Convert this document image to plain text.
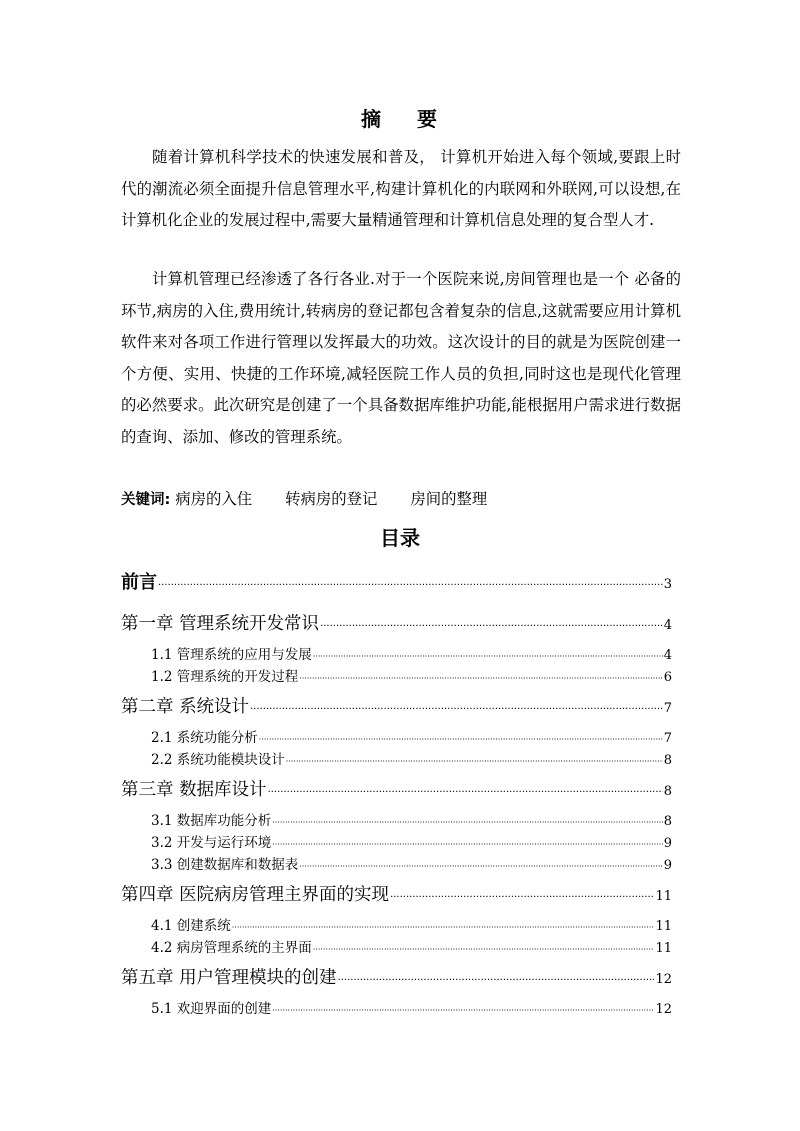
摘 要

随着计算机科学技术的快速发展和普及， 计算机开始进入每个领域,要跟上时代的潮流必须全面提升信息管理水平,构建计算机化的内联网和外联网,可以设想,在计算机化企业的发展过程中,需要大量精通管理和计算机信息处理的复合型人才.

计算机管理已经渗透了各行各业.对于一个医院来说,房间管理也是一个 必备的环节,病房的入住,费用统计,转病房的登记都包含着复杂的信息,这就需要应用计算机软件来对各项工作进行管理以发挥最大的功效。这次设计的目的就是为医院创建一个方便、实用、快捷的工作环境,减轻医院工作人员的负担,同时这也是现代化管理的必然要求。此次研究是创建了一个具备数据库维护功能,能根据用户需求进行数据的查询、添加、修改的管理系统。

关键词: 病房的入住 转病房的登记 房间的整理
目录
前言 ·····	3
第一章 管理系统开发常识 ·····	4
1.1 管理系统的应用与发展 ·····	4
1.2 管理系统的开发过程 ·····	6
第二章 系统设计 ·····	7
2.1 系统功能分析 ·····	7
2.2 系统功能模块设计 ·····	8
第三章 数据库设计 ·····	8
3.1 数据库功能分析 ·····	8
3.2 开发与运行环境 ·····	9
3.3 创建数据库和数据表 ·····	9
第四章 医院病房管理主界面的实现 ·····	11
4.1 创建系统 ·····	11
4.2 病房管理系统的主界面 ·····	11
第五章 用户管理模块的创建 ·····	12
5.1 欢迎界面的创建 ·····	12
